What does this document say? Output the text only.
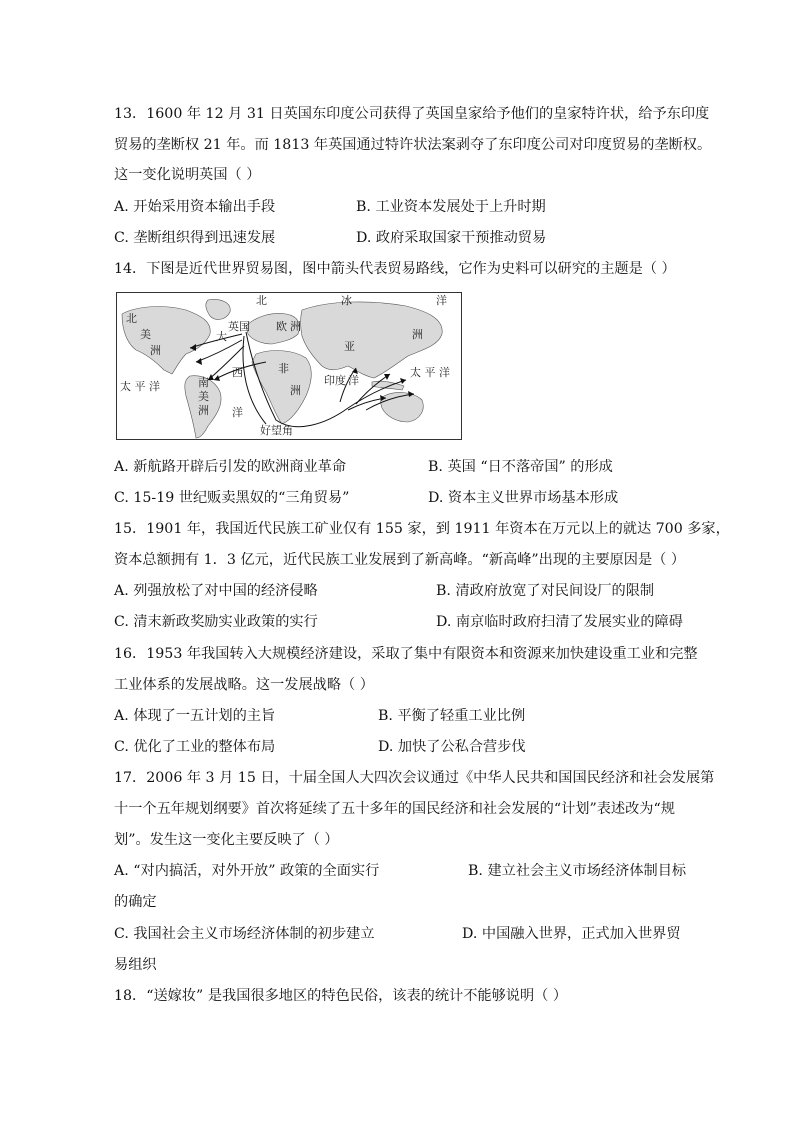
13．1600 年 12 月 31 日英国东印度公司获得了英国皇家给予他们的皇家特许状，给予东印度
贸易的垄断权 21 年。而 1813 年英国通过特许状法案剥夺了东印度公司对印度贸易的垄断权。
这一变化说明英国（ ）
A. 开始采用资本输出手段	B. 工业资本发展处于上升时期
C. 垄断组织得到迅速发展	D. 政府采取国家干预推动贸易
14．下图是近代世界贸易图，图中箭头代表贸易路线，它作为史料可以研究的主题是（ ）
北	冰	洋
北
美
洲
大
英国 欧 洲
亚
洲
西	非
洲
太 平 洋	南
美
洲 洋
印度 洋
太 平 洋
好望角
A. 新航路开辟后引发的欧洲商业革命	B. 英国 “日不落帝国” 的形成
C. 15-19 世纪贩卖黑奴的“三角贸易”	D. 资本主义世界市场基本形成
15．1901 年，我国近代民族工矿业仅有 155 家，到 1911 年资本在万元以上的就达 700 多家，
资本总额拥有 1．3 亿元，近代民族工业发展到了新高峰。“新高峰”出现的主要原因是（ ）
A. 列强放松了对中国的经济侵略	B. 清政府放宽了对民间设厂的限制
C. 清末新政奖励实业政策的实行	D. 南京临时政府扫清了发展实业的障碍
16．1953 年我国转入大规模经济建设，采取了集中有限资本和资源来加快建设重工业和完整
工业体系的发展战略。这一发展战略（ ）
A. 体现了一五计划的主旨	B. 平衡了轻重工业比例
C. 优化了工业的整体布局	D. 加快了公私合营步伐
17．2006 年 3 月 15 日，十届全国人大四次会议通过《中华人民共和国国民经济和社会发展第
十一个五年规划纲要》首次将延续了五十多年的国民经济和社会发展的“计划”表述改为“规
划”。发生这一变化主要反映了（ ）
A. “对内搞活，对外开放” 政策的全面实行	B. 建立社会主义市场经济体制目标
的确定
C. 我国社会主义市场经济体制的初步建立	D. 中国融入世界，正式加入世界贸
易组织
18．“送嫁妆” 是我国很多地区的特色民俗，该表的统计不能够说明（ ）
